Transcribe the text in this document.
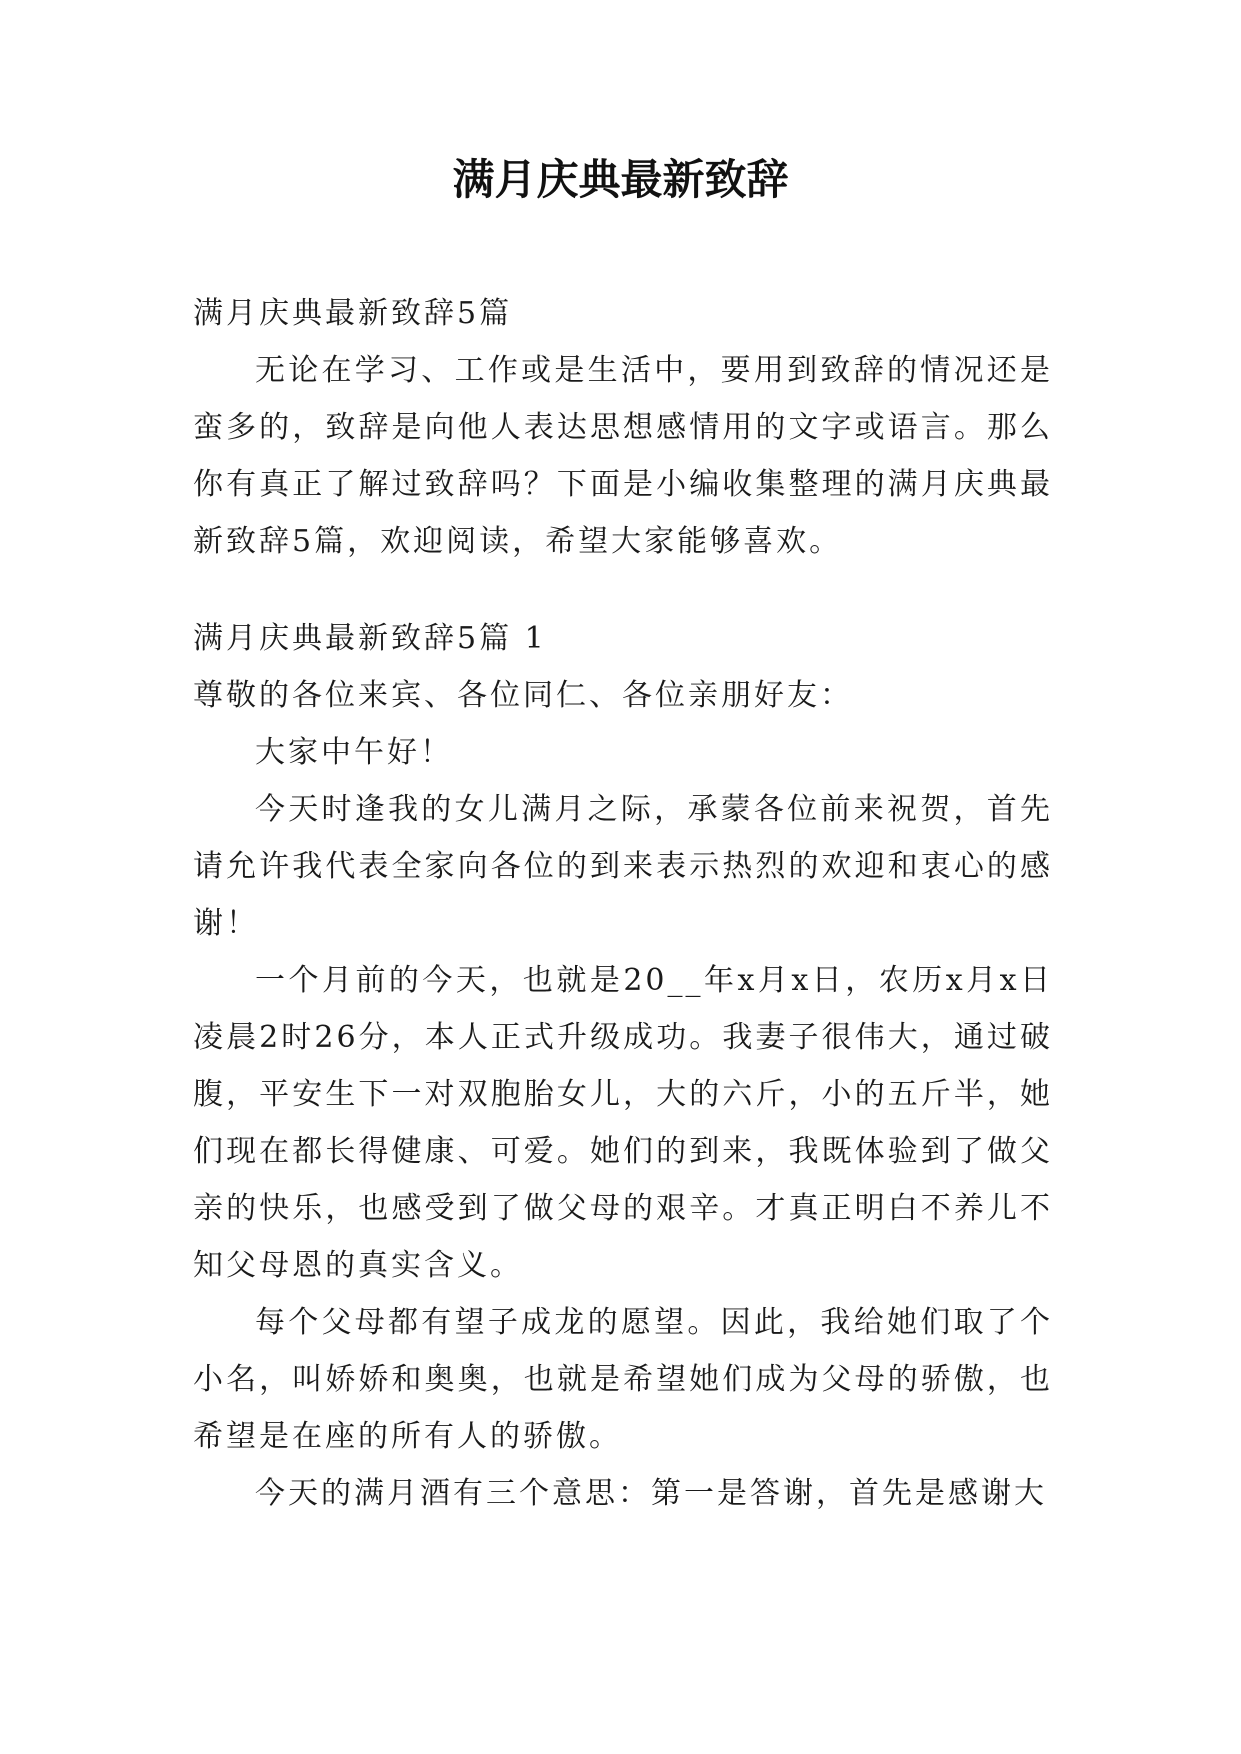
满月庆典最新致辞

满月庆典最新致辞5篇

无论在学习、工作或是生活中，要用到致辞的情况还是蛮多的，致辞是向他人表达思想感情用的文字或语言。那么你有真正了解过致辞吗？下面是小编收集整理的满月庆典最新致辞5篇，欢迎阅读，希望大家能够喜欢。

满月庆典最新致辞5篇 1

尊敬的各位来宾、各位同仁、各位亲朋好友：

大家中午好！

今天时逢我的女儿满月之际，承蒙各位前来祝贺，首先请允许我代表全家向各位的到来表示热烈的欢迎和衷心的感谢！

一个月前的今天，也就是20__年x月x日，农历x月x日凌晨2时26分，本人正式升级成功。我妻子很伟大，通过破腹，平安生下一对双胞胎女儿，大的六斤，小的五斤半，她们现在都长得健康、可爱。她们的到来，我既体验到了做父亲的快乐，也感受到了做父母的艰辛。才真正明白不养儿不知父母恩的真实含义。

每个父母都有望子成龙的愿望。因此，我给她们取了个小名，叫娇娇和奥奥，也就是希望她们成为父母的骄傲，也希望是在座的所有人的骄傲。

今天的满月酒有三个意思：第一是答谢，首先是感谢大
